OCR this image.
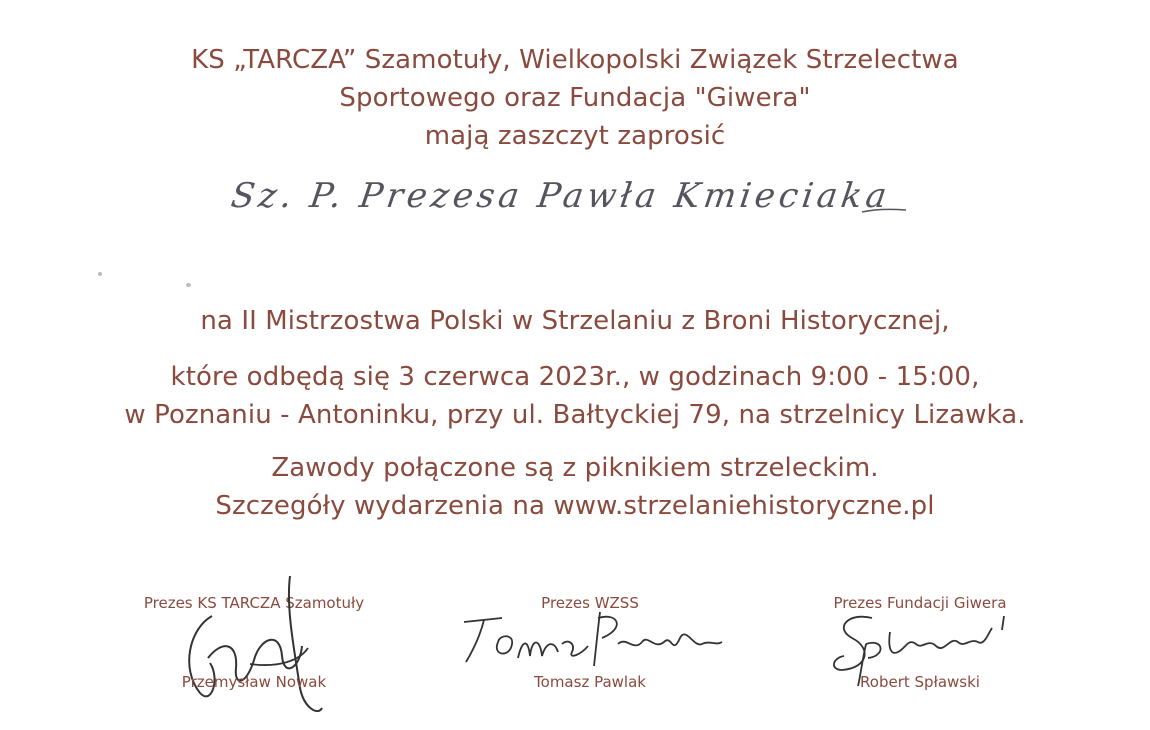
KS „TARCZA” Szamotuły, Wielkopolski Związek Strzelectwa
Sportowego oraz Fundacja "Giwera"
mają zaszczyt zaprosić
Sz. P. Prezesa Pawła Kmieciaka
na II Mistrzostwa Polski w Strzelaniu z Broni Historycznej,
które odbędą się 3 czerwca 2023r., w godzinach 9:00 - 15:00,
w Poznaniu - Antoninku, przy ul. Bałtyckiej 79, na strzelnicy Lizawka.
Zawody połączone są z piknikiem strzeleckim.
Szczegóły wydarzenia na www.strzelaniehistoryczne.pl
Prezes KS TARCZA Szamotuły
Przemysław Nowak
Prezes WZSS
Tomasz Pawlak
Prezes Fundacji Giwera
Robert Spławski
